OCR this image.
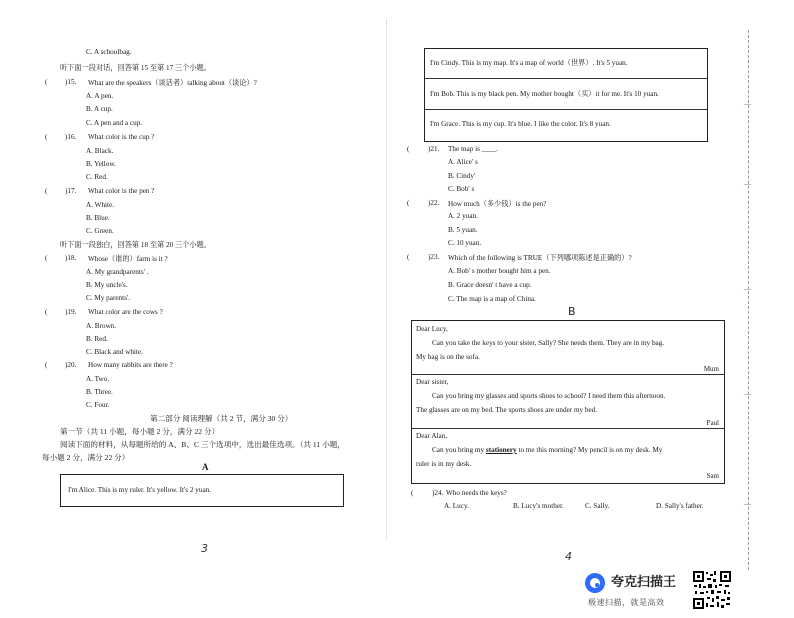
C. A schoolbag.
听下面一段对话，回答第 15 至第 17 三个小题。
( )15. What are the speakers（谈话者）talking about（谈论）?
A. A pen.
B. A cup.
C. A pen and a cup.
( )16. What color is the cup ?
A. Black.
B. Yellow.
C. Red.
( )17. What color is the pen ?
A. White.
B. Blue.
C. Green.
听下面一段独白，回答第 18 至第 20 三个小题。
( )18. Whose（谁的）farm is it ?
A. My grandparents' .
B. My uncle's.
C. My parents'.
( )19. What color are the cows ?
A. Brown.
B. Red.
C. Black and white.
( )20. How many rabbits are there ?
A. Two.
B. Three.
C. Four.
第二部分 阅读理解（共 2 节，满分 30 分）
第一节（共 11 小题，每小题 2 分，满分 22 分）
阅读下面的材料，从每题所给的 A、B、C 三个选项中，选出最佳选项。（共 11 小题，
每小题 2 分，满分 22 分）
A
I'm Alice. This is my ruler. It's yellow. It's 2 yuan.
3
I'm Cindy. This is my map. It's a map of world（世界）. It's 5 yuan.
I'm Bob. This is my black pen. My mother bought（买）it for me. It's 10 yuan.
I'm Grace. This is my cup. It's blue. I like the color. It's 8 yuan.
(	)21. The map is ____.
A. Alice' s
B. Cindy'
C. Bob' s
(	)22. How much（多少钱）is the pen?
A. 2 yuan.
B. 5 yuan.
C. 10 yuan.
(	)23. Which of the following is TRUE（下列哪项陈述是正确的）?
A. Bob' s mother bought him a pen.
B. Grace doesn' t have a cup.
C. The map is a map of China.
B
Dear Lucy,
Can you take the keys to your sister, Sally? She needs them. They are in my bag.
My bag is on the sofa.
Mum
Dear sister,
Can you bring my glasses and sports shoes to school? I need them this afternoon.
The glasses are on my bed. The sports shoes are under my bed.
Paul
Dear Alan,
Can you bring my stationery to me this morning? My pencil is on my desk. My
ruler is in my desk.
Sam
(	)24. Who needs the keys?
A. Lucy.	B. Lucy's mother.	C. Sally.	D. Sally's father.
4
—
—
—
—
—
夸克扫描王
极速扫描，就是高效
